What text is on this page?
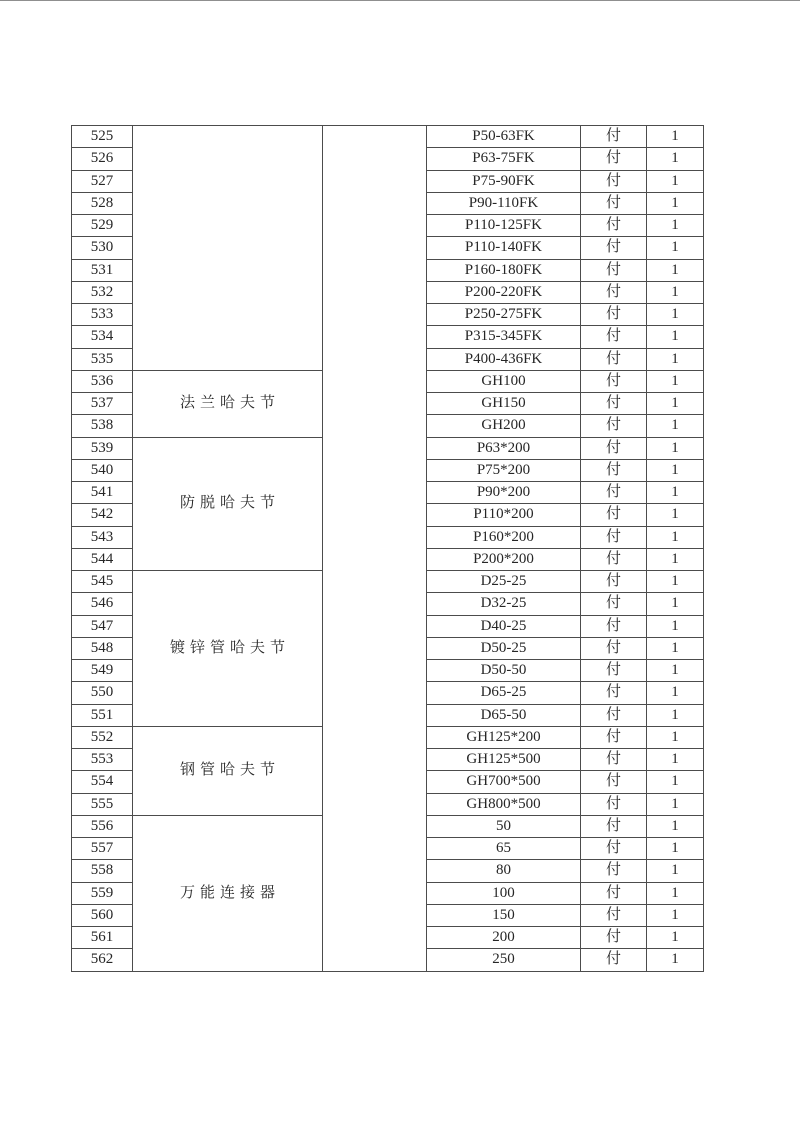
525			P50-63FK	付	1
526			P63-75FK	付	1
527			P75-90FK	付	1
528			P90-110FK	付	1
529			P110-125FK	付	1
530			P110-140FK	付	1
531			P160-180FK	付	1
532			P200-220FK	付	1
533			P250-275FK	付	1
534			P315-345FK	付	1
535			P400-436FK	付	1
536	法兰哈夫节		GH100	付	1
537			GH150	付	1
538			GH200	付	1
539	防脱哈夫节		P63*200	付	1
540			P75*200	付	1
541			P90*200	付	1
542			P110*200	付	1
543			P160*200	付	1
544			P200*200	付	1
545	镀锌管哈夫节		D25-25	付	1
546			D32-25	付	1
547			D40-25	付	1
548			D50-25	付	1
549			D50-50	付	1
550			D65-25	付	1
551			D65-50	付	1
552	钢管哈夫节		GH125*200	付	1
553			GH125*500	付	1
554			GH700*500	付	1
555			GH800*500	付	1
556	万能连接器		50	付	1
557			65	付	1
558			80	付	1
559			100	付	1
560			150	付	1
561			200	付	1
562			250	付	1
